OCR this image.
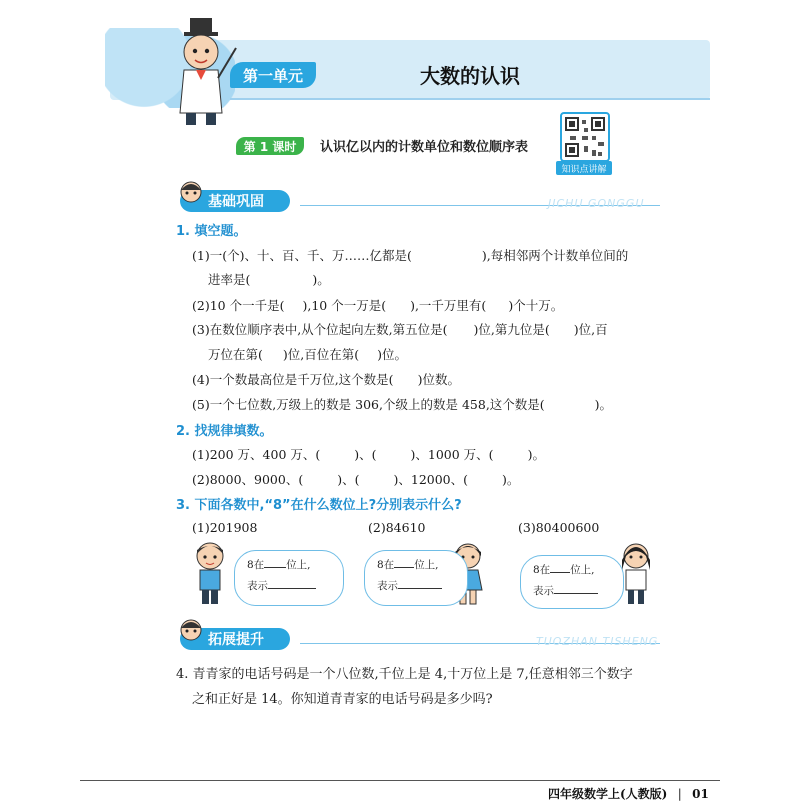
第一单元	大数的认识
第 1 课时	认识亿以内的计数单位和数位顺序表
知识点讲解
基础巩固	JICHU GONGGU
1. 填空题。
(1)一(个)、十、百、千、万……亿都是(	),每相邻两个计数单位间的
进率是(	)。
(2)10 个一千是( ),10 个一万是( ),一千万里有( )个十万。
(3)在数位顺序表中,从个位起向左数,第五位是( )位,第九位是( )位,百
万位在第( )位,百位在第( )位。
(4)一个数最高位是千万位,这个数是( )位数。
(5)一个七位数,万级上的数是 306,个级上的数是 458,这个数是(	)。
2. 找规律填数。
(1)200 万、400 万、(	)、(	)、1000 万、(	)。
(2)8000、9000、(	)、(	)、12000、(	)。
3. 下面各数中,“8”在什么数位上?分别表示什么?
(1)201908	(2)84610	(3)80400600
8在 位上,
表示
8在 位上,
表示
8在 位上,
表示
拓展提升	TUOZHAN TISHENG
4. 青青家的电话号码是一个八位数,千位上是 4,十万位上是 7,任意相邻三个数字
之和正好是 14。你知道青青家的电话号码是多少吗?
四年级数学上(人教版) | 01
